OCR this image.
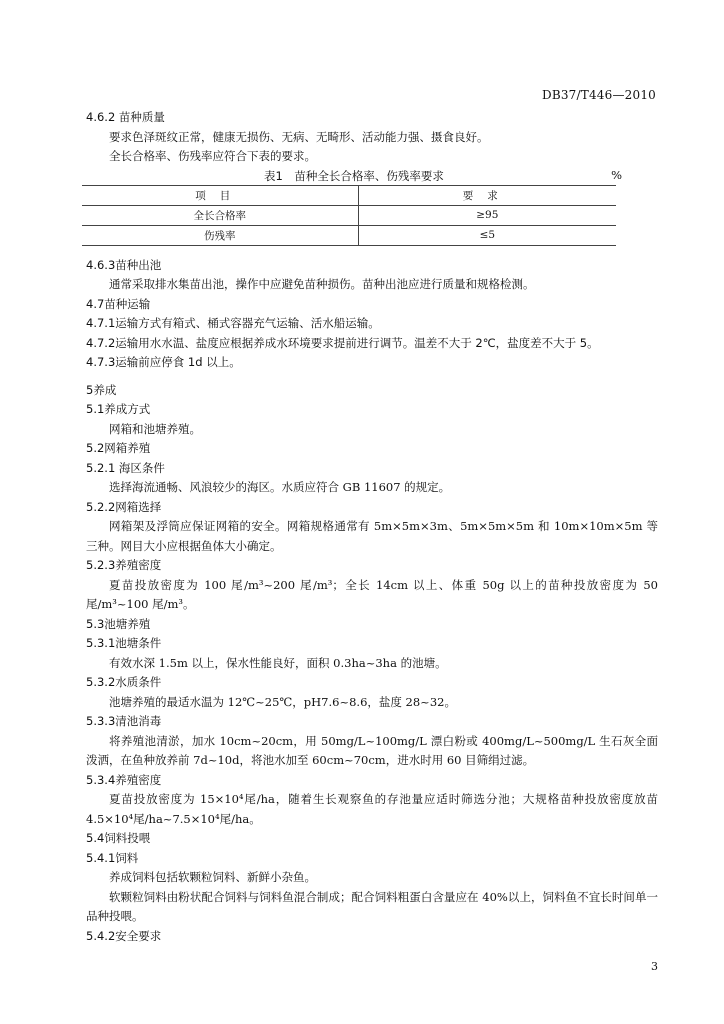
DB37/T446—2010
4.6.2 苗种质量
要求色泽斑纹正常，健康无损伤、无病、无畸形、活动能力强、摄食良好。
全长合格率、伤残率应符合下表的要求。
表1　苗种全长合格率、伤残率要求	%
项目	要求
全长合格率	≥95
伤残率	≤5
4.6.3苗种出池
通常采取排水集苗出池，操作中应避免苗种损伤。苗种出池应进行质量和规格检测。
4.7苗种运输
4.7.1运输方式有箱式、桶式容器充气运输、活水船运输。
4.7.2运输用水水温、盐度应根据养成水环境要求提前进行调节。温差不大于 2℃，盐度差不大于 5。
4.7.3运输前应停食 1d 以上。
5养成
5.1养成方式
网箱和池塘养殖。
5.2网箱养殖
5.2.1 海区条件
选择海流通畅、风浪较少的海区。水质应符合 GB 11607 的规定。
5.2.2网箱选择
网箱架及浮筒应保证网箱的安全。网箱规格通常有 5m×5m×3m、5m×5m×5m 和 10m×10m×5m 等三种。网目大小应根据鱼体大小确定。
5.2.3养殖密度
夏苗投放密度为 100 尾/m³~200 尾/m³；全长 14cm 以上、体重 50g 以上的苗种投放密度为 50 尾/m³~100 尾/m³。
5.3池塘养殖
5.3.1池塘条件
有效水深 1.5m 以上，保水性能良好，面积 0.3ha~3ha 的池塘。
5.3.2水质条件
池塘养殖的最适水温为 12℃~25℃，pH7.6~8.6，盐度 28~32。
5.3.3清池消毒
将养殖池清淤，加水 10cm~20cm，用 50mg/L~100mg/L 漂白粉或 400mg/L~500mg/L 生石灰全面泼洒，在鱼种放养前 7d~10d，将池水加至 60cm~70cm，进水时用 60 目筛绢过滤。
5.3.4养殖密度
夏苗投放密度为 15×10⁴尾/ha，随着生长观察鱼的存池量应适时筛选分池；大规格苗种投放密度放苗 4.5×10⁴尾/ha~7.5×10⁴尾/ha。
5.4饲料投喂
5.4.1饲料
养成饲料包括软颗粒饲料、新鲜小杂鱼。
软颗粒饲料由粉状配合饲料与饲料鱼混合制成；配合饲料粗蛋白含量应在 40%以上，饲料鱼不宜长时间单一品种投喂。
5.4.2安全要求
3
